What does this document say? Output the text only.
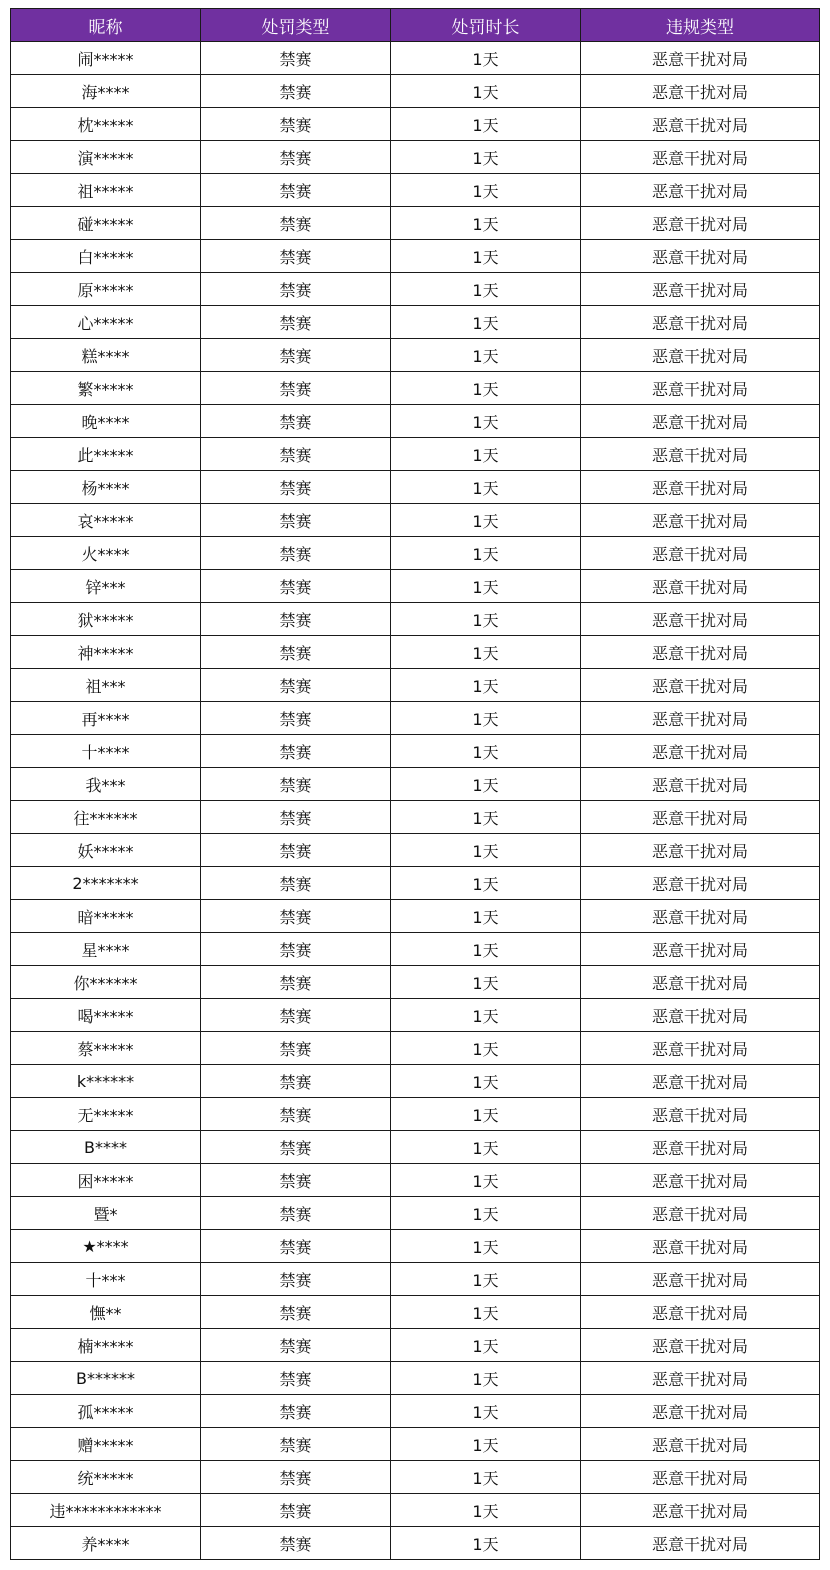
昵称	处罚类型	处罚时长	违规类型
闹*****	禁赛	1天	恶意干扰对局
海****	禁赛	1天	恶意干扰对局
枕*****	禁赛	1天	恶意干扰对局
演*****	禁赛	1天	恶意干扰对局
祖*****	禁赛	1天	恶意干扰对局
碰*****	禁赛	1天	恶意干扰对局
白*****	禁赛	1天	恶意干扰对局
原*****	禁赛	1天	恶意干扰对局
心*****	禁赛	1天	恶意干扰对局
糕****	禁赛	1天	恶意干扰对局
繁*****	禁赛	1天	恶意干扰对局
晚****	禁赛	1天	恶意干扰对局
此*****	禁赛	1天	恶意干扰对局
杨****	禁赛	1天	恶意干扰对局
哀*****	禁赛	1天	恶意干扰对局
火****	禁赛	1天	恶意干扰对局
锌***	禁赛	1天	恶意干扰对局
狱*****	禁赛	1天	恶意干扰对局
神*****	禁赛	1天	恶意干扰对局
祖***	禁赛	1天	恶意干扰对局
再****	禁赛	1天	恶意干扰对局
十****	禁赛	1天	恶意干扰对局
我***	禁赛	1天	恶意干扰对局
往******	禁赛	1天	恶意干扰对局
妖*****	禁赛	1天	恶意干扰对局
2*******	禁赛	1天	恶意干扰对局
暗*****	禁赛	1天	恶意干扰对局
星****	禁赛	1天	恶意干扰对局
你******	禁赛	1天	恶意干扰对局
喝*****	禁赛	1天	恶意干扰对局
蔡*****	禁赛	1天	恶意干扰对局
k******	禁赛	1天	恶意干扰对局
无*****	禁赛	1天	恶意干扰对局
B****	禁赛	1天	恶意干扰对局
困*****	禁赛	1天	恶意干扰对局
暨*	禁赛	1天	恶意干扰对局
★****	禁赛	1天	恶意干扰对局
十***	禁赛	1天	恶意干扰对局
憮**	禁赛	1天	恶意干扰对局
楠*****	禁赛	1天	恶意干扰对局
B******	禁赛	1天	恶意干扰对局
孤*****	禁赛	1天	恶意干扰对局
赠*****	禁赛	1天	恶意干扰对局
统*****	禁赛	1天	恶意干扰对局
违************	禁赛	1天	恶意干扰对局
养****	禁赛	1天	恶意干扰对局
